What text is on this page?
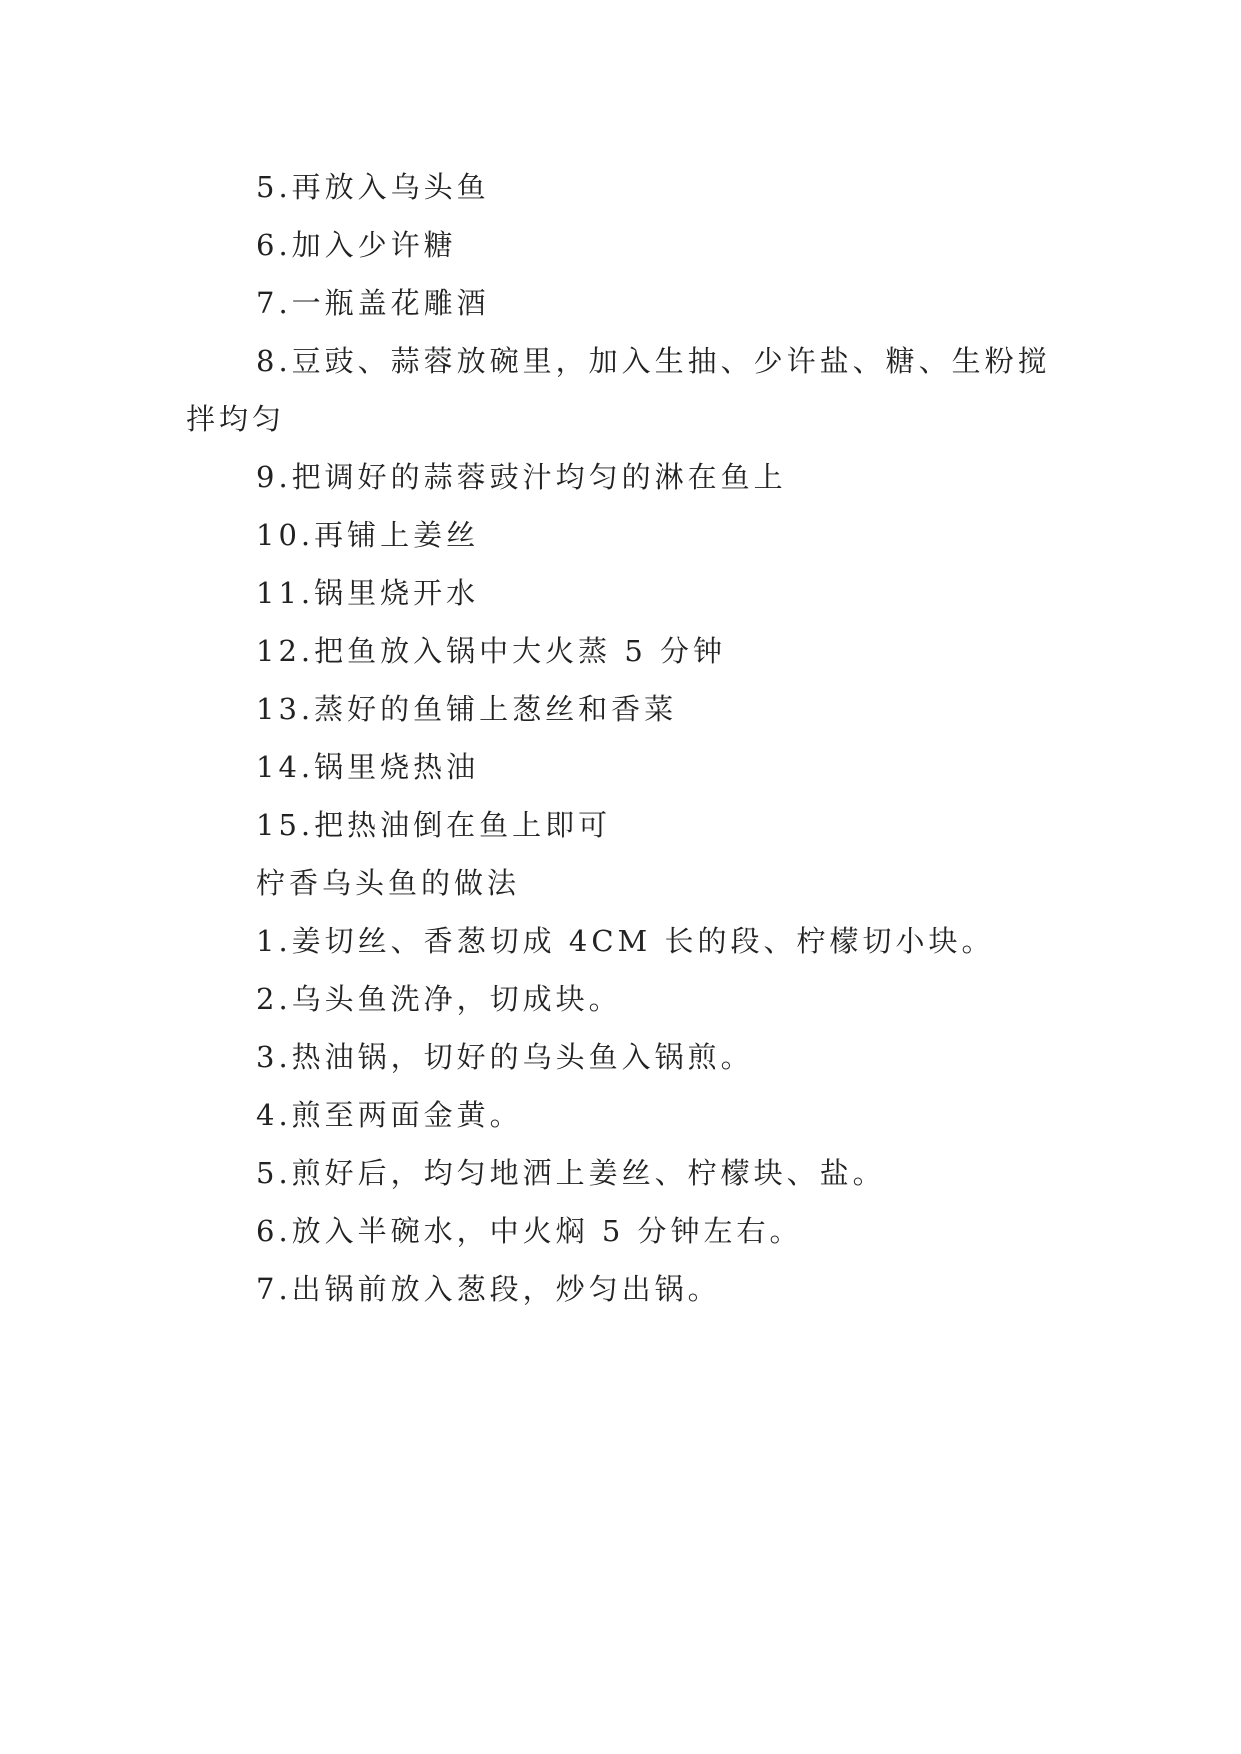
5.再放入乌头鱼

6.加入少许糖

7.一瓶盖花雕酒

8.豆豉、蒜蓉放碗里，加入生抽、少许盐、糖、生粉搅拌均匀

9.把调好的蒜蓉豉汁均匀的淋在鱼上

10.再铺上姜丝

11.锅里烧开水

12.把鱼放入锅中大火蒸 5 分钟

13.蒸好的鱼铺上葱丝和香菜

14.锅里烧热油

15.把热油倒在鱼上即可

柠香乌头鱼的做法

1.姜切丝、香葱切成 4CM 长的段、柠檬切小块。

2.乌头鱼洗净，切成块。

3.热油锅，切好的乌头鱼入锅煎。

4.煎至两面金黄。

5.煎好后，均匀地洒上姜丝、柠檬块、盐。

6.放入半碗水，中火焖 5 分钟左右。

7.出锅前放入葱段，炒匀出锅。
